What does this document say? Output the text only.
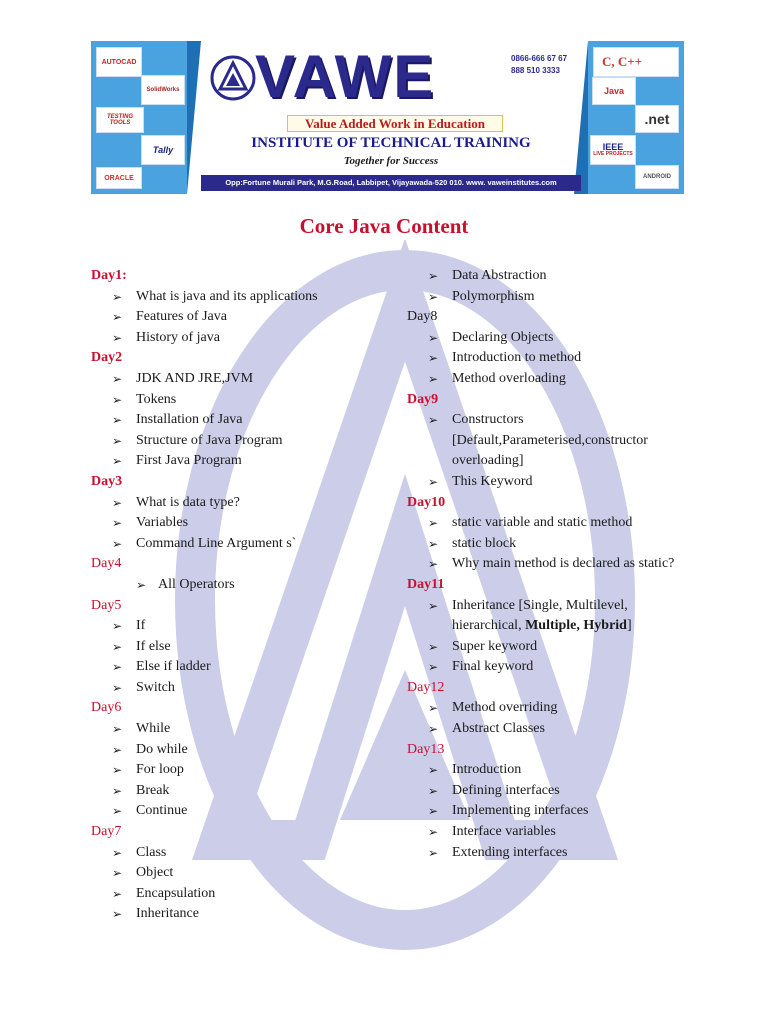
AUTOCAD
SolidWorks
TESTING TOOLS
Tally
ORACLE
C, C++
Java
.net
IEEE
LIVE PROJECTS
ANDROID
VAWE	0866-666 67 67
888 510 3333
Value Added Work in Education
INSTITUTE OF TECHNICAL TRAINING
Together for Success
Opp:Fortune Murali Park, M.G.Road, Labbipet, Vijayawada-520 010. www. vaweinstitutes.com
Core Java Content
Day1:
➢ What is java and its applications
➢ Features of Java
➢ History of java
Day2
➢ JDK AND JRE,JVM
➢ Tokens
➢ Installation of Java
➢ Structure of Java Program
➢ First Java Program
Day3
➢ What is data type?
➢ Variables
➢ Command Line Argument s`
Day4
➢ All Operators
Day5
➢ If
➢ If else
➢ Else if ladder
➢ Switch
Day6
➢ While
➢ Do while
➢ For loop
➢ Break
➢ Continue
Day7
➢ Class
➢ Object
➢ Encapsulation
➢ Inheritance
➢ Data Abstraction
➢ Polymorphism
Day8
➢ Declaring Objects
➢ Introduction to method
➢ Method overloading
Day9
➢ Constructors [Default,Parameterised,constructor overloading]
➢ This Keyword
Day10
➢ static variable and static method
➢ static block
➢ Why main method is declared as static?
Day11
➢ Inheritance [Single, Multilevel, hierarchical, Multiple, Hybrid]
➢ Super keyword
➢ Final keyword
Day12
➢ Method overriding
➢ Abstract Classes
Day13
➢ Introduction
➢ Defining interfaces
➢ Implementing interfaces
➢ Interface variables
➢ Extending interfaces
